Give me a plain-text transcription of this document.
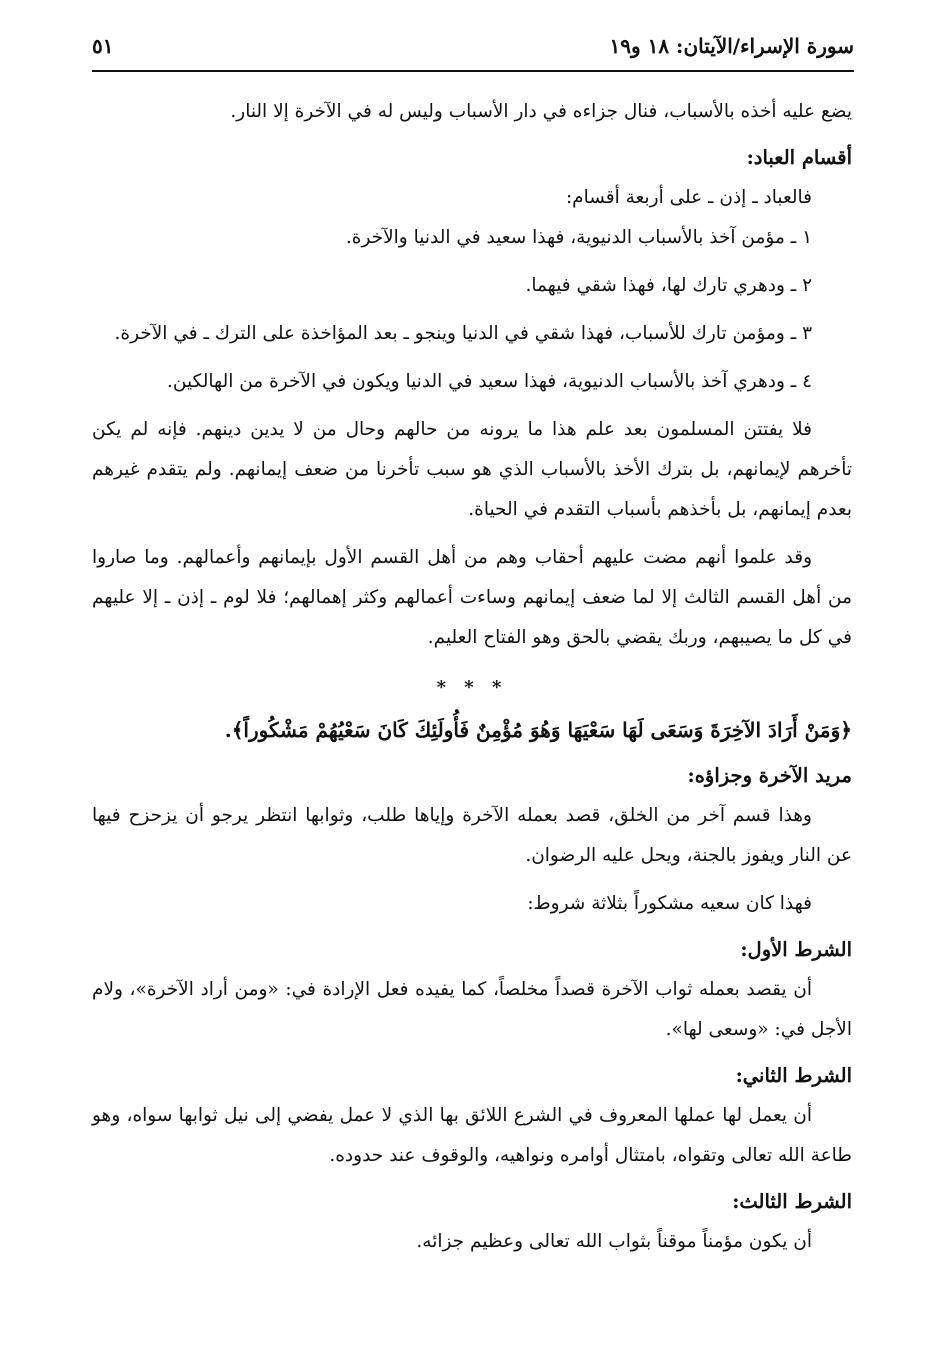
سورة الإسراء/الآيتان: ١٨ و١٩
٥١

يضع عليه أخذه بالأسباب، فنال جزاءه في دار الأسباب وليس له في الآخرة إلا النار.

أقسام العباد:

فالعباد ـ إذن ـ على أربعة أقسام:

١ ـ مؤمن آخذ بالأسباب الدنيوية، فهذا سعيد في الدنيا والآخرة.

٢ ـ ودهري تارك لها، فهذا شقي فيهما.

٣ ـ ومؤمن تارك للأسباب، فهذا شقي في الدنيا وينجو ـ بعد المؤاخذة على الترك ـ في الآخرة.

٤ ـ ودهري آخذ بالأسباب الدنيوية، فهذا سعيد في الدنيا ويكون في الآخرة من الهالكين.

فلا يفتتن المسلمون بعد علم هذا ما يرونه من حالهم وحال من لا يدين دينهم. فإنه لم يكن تأخرهم لإيمانهم، بل بترك الأخذ بالأسباب الذي هو سبب تأخرنا من ضعف إيمانهم. ولم يتقدم غيرهم بعدم إيمانهم، بل بأخذهم بأسباب التقدم في الحياة.

وقد علموا أنهم مضت عليهم أحقاب وهم من أهل القسم الأول بإيمانهم وأعمالهم. وما صاروا من أهل القسم الثالث إلا لما ضعف إيمانهم وساءت أعمالهم وكثر إهمالهم؛ فلا لوم ـ إذن ـ إلا عليهم في كل ما يصيبهم، وربك يقضي بالحق وهو الفتاح العليم.

* * *

﴿وَمَنْ أَرَادَ الآخِرَةَ وَسَعَى لَهَا سَعْيَهَا وَهُوَ مُؤْمِنٌ فَأُولَئِكَ كَانَ سَعْيُهُمْ مَشْكُوراً﴾.

مريد الآخرة وجزاؤه:

وهذا قسم آخر من الخلق، قصد بعمله الآخرة وإياها طلب، وثوابها انتظر يرجو أن يزحزح فيها عن النار ويفوز بالجنة، ويحل عليه الرضوان.

فهذا كان سعيه مشكوراً بثلاثة شروط:

الشرط الأول:

أن يقصد بعمله ثواب الآخرة قصداً مخلصاً، كما يفيده فعل الإرادة في: «ومن أراد الآخرة»، ولام الأجل في: «وسعى لها».

الشرط الثاني:

أن يعمل لها عملها المعروف في الشرع اللائق بها الذي لا عمل يفضي إلى نيل ثوابها سواه، وهو طاعة الله تعالى وتقواه، بامتثال أوامره ونواهيه، والوقوف عند حدوده.

الشرط الثالث:

أن يكون مؤمناً موقناً بثواب الله تعالى وعظيم جزائه.
